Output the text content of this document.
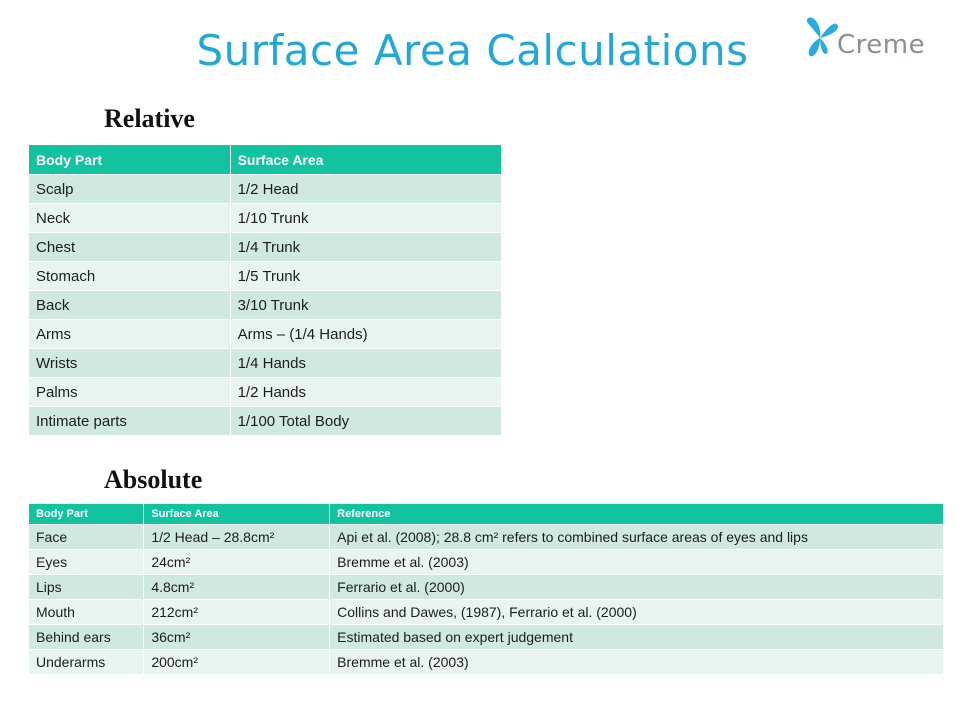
Surface Area Calculations	Creme
Relative
Body Part	Surface Area
Scalp	1/2 Head
Neck	1/10 Trunk
Chest	1/4 Trunk
Stomach	1/5 Trunk
Back	3/10 Trunk
Arms	Arms – (1/4 Hands)
Wrists	1/4 Hands
Palms	1/2 Hands
Intimate parts	1/100 Total Body
Absolute
Body Part	Surface Area	Reference
Face	1/2 Head – 28.8cm²	Api et al. (2008); 28.8 cm² refers to combined surface areas of eyes and lips
Eyes	24cm²	Bremme et al. (2003)
Lips	4.8cm²	Ferrario et al. (2000)
Mouth	212cm²	Collins and Dawes, (1987), Ferrario et al. (2000)
Behind ears	36cm²	Estimated based on expert judgement
Underarms	200cm²	Bremme et al. (2003)
